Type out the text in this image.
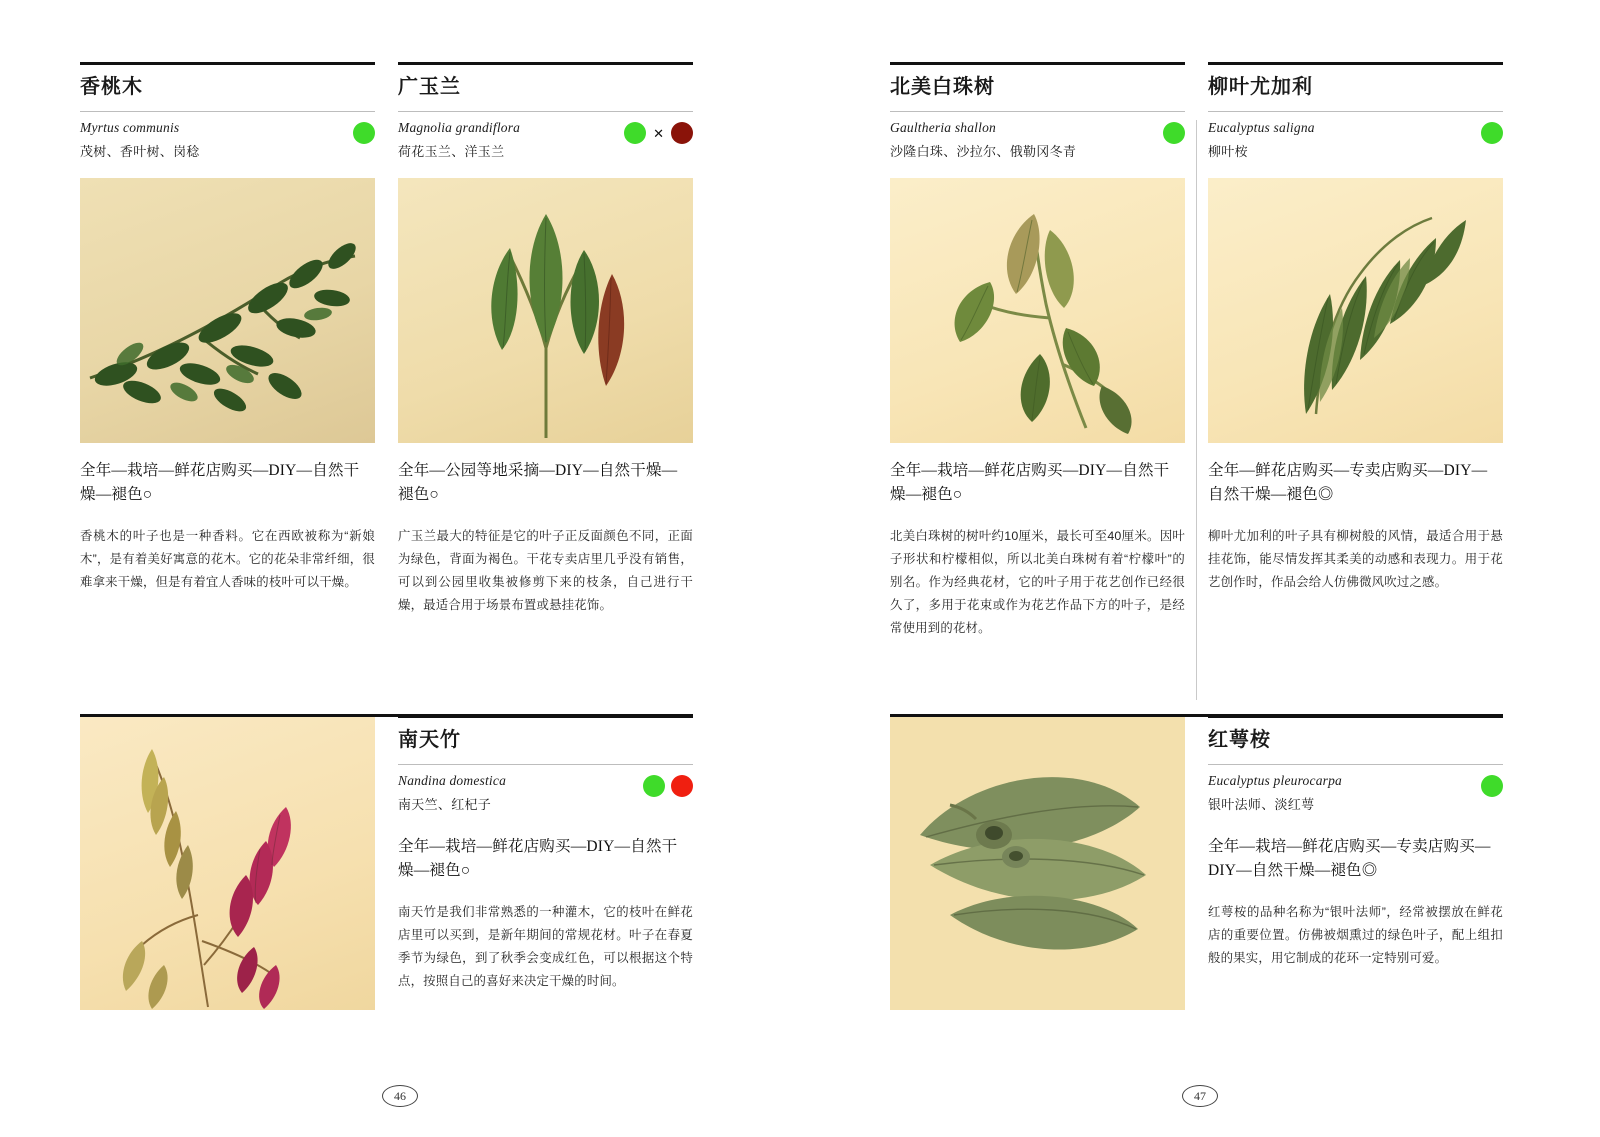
香桃木
Myrtus communis
茂树、香叶树、岗稔
全年—栽培—鲜花店购买—DIY—自然干燥—褪色○
香桃木的叶子也是一种香料。它在西欧被称为“新娘木”，是有着美好寓意的花木。它的花朵非常纤细，很难拿来干燥，但是有着宜人香味的枝叶可以干燥。
广玉兰
Magnolia grandiflora
荷花玉兰、洋玉兰
✕
全年—公园等地采摘—DIY—自然干燥—褪色○
广玉兰最大的特征是它的叶子正反面颜色不同，正面为绿色，背面为褐色。干花专卖店里几乎没有销售，可以到公园里收集被修剪下来的枝条，自己进行干燥，最适合用于场景布置或悬挂花饰。
南天竹
Nandina domestica
南天竺、红杞子
全年—栽培—鲜花店购买—DIY—自然干燥—褪色○
南天竹是我们非常熟悉的一种灌木，它的枝叶在鲜花店里可以买到，是新年期间的常规花材。叶子在春夏季节为绿色，到了秋季会变成红色，可以根据这个特点，按照自己的喜好来决定干燥的时间。
46
北美白珠树
Gaultheria shallon
沙隆白珠、沙拉尔、俄勒冈冬青
全年—栽培—鲜花店购买—DIY—自然干燥—褪色○
北美白珠树的树叶约10厘米，最长可至40厘米。因叶子形状和柠檬相似，所以北美白珠树有着“柠檬叶”的别名。作为经典花材，它的叶子用于花艺创作已经很久了，多用于花束或作为花艺作品下方的叶子，是经常使用到的花材。
柳叶尤加利
Eucalyptus saligna
柳叶桉
全年—鲜花店购买—专卖店购买—DIY—自然干燥—褪色◎
柳叶尤加利的叶子具有柳树般的风情，最适合用于悬挂花饰，能尽情发挥其柔美的动感和表现力。用于花艺创作时，作品会给人仿佛微风吹过之感。
红萼桉
Eucalyptus pleurocarpa
银叶法师、淡红萼
全年—栽培—鲜花店购买—专卖店购买—DIY—自然干燥—褪色◎
红萼桉的品种名称为“银叶法师”，经常被摆放在鲜花店的重要位置。仿佛被烟熏过的绿色叶子，配上组扣般的果实，用它制成的花环一定特别可爱。
47
